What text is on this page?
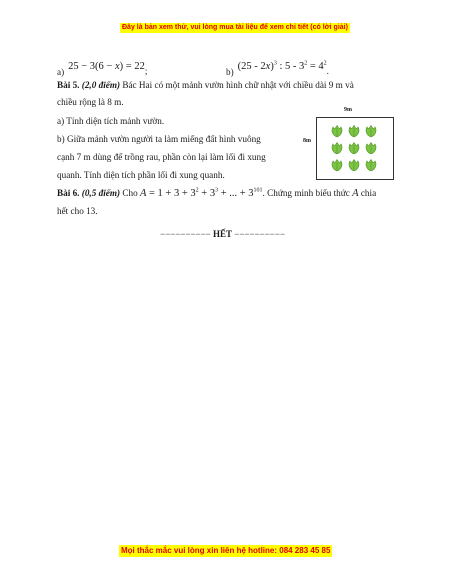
Đây là bản xem thử, vui lòng mua tài liệu để xem chi tiết (có lời giải)
$_{a)}$ $25 - 3(6 - x) = 22_;$	$_{b)}$ (25 - 2x)$^3$ : $5 - 3^2 = 4^2_.$
Bài 5. (2,0 điểm) Bác Hai có một mảnh vườn hình chữ nhật với chiều dài 9 m và
chiều rộng là 8 m.
a) Tính diện tích mảnh vườn.
b) Giữa mảnh vườn người ta làm miếng đất hình vuông
cạnh 7 m dùng để trồng rau, phần còn lại làm lối đi xung
quanh. Tính diện tích phần lối đi xung quanh.
9m
8m
Bài 6. (0,5 điểm) Cho $A = 1 + 3 + 3^2 + 3^3$ + ... + $3^{101}$. Chứng minh biểu thức A chia
hết cho 13.
−−−−−−−−−− HẾT −−−−−−−−−−
Mọi thắc mắc vui lòng xin liên hệ hotline: 084 283 45 85
